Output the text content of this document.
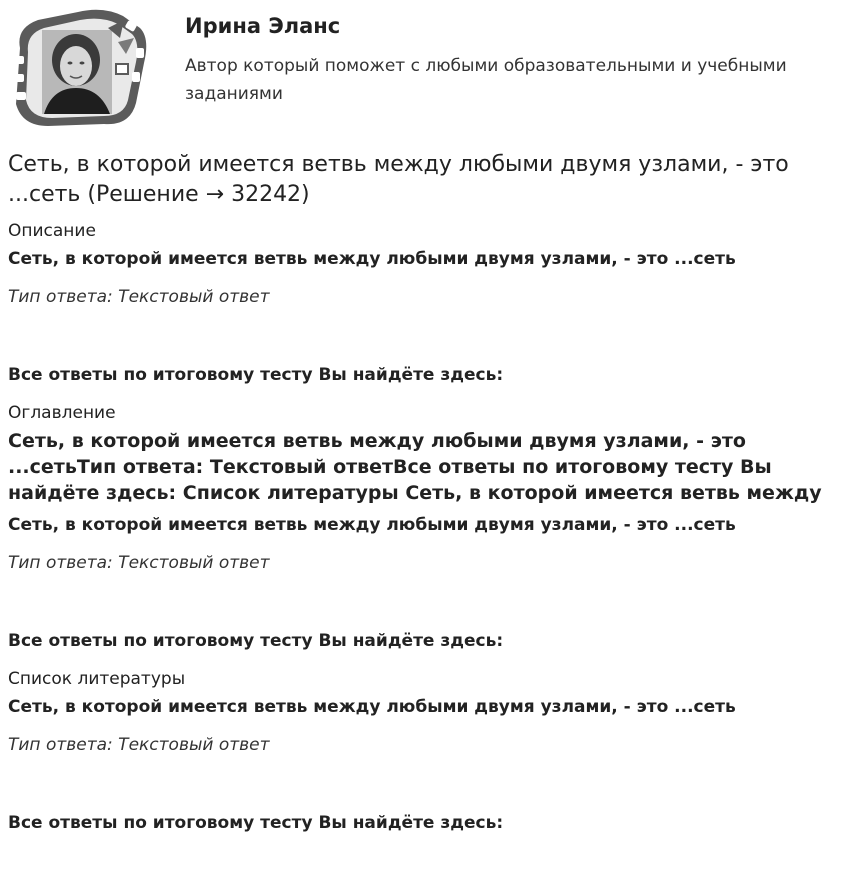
Ирина Эланс
Автор который поможет с любыми образовательными и учебными заданиями
Сеть, в которой имеется ветвь между любыми двумя узлами, - это ...сеть (Решение → 32242)
Описание
Сеть, в которой имеется ветвь между любыми двумя узлами, - это ...сеть
Тип ответа: Текстовый ответ
Все ответы по итоговому тесту Вы найдёте здесь:
Оглавление
Сеть, в которой имеется ветвь между любыми двумя узлами, - это ...сетьТип ответа: Текстовый ответВсе ответы по итоговому тесту Вы найдёте здесь: Список литературы Сеть, в которой имеется ветвь между
Сеть, в которой имеется ветвь между любыми двумя узлами, - это ...сеть
Тип ответа: Текстовый ответ
Все ответы по итоговому тесту Вы найдёте здесь:
Список литературы
Сеть, в которой имеется ветвь между любыми двумя узлами, - это ...сеть
Тип ответа: Текстовый ответ
Все ответы по итоговому тесту Вы найдёте здесь:
